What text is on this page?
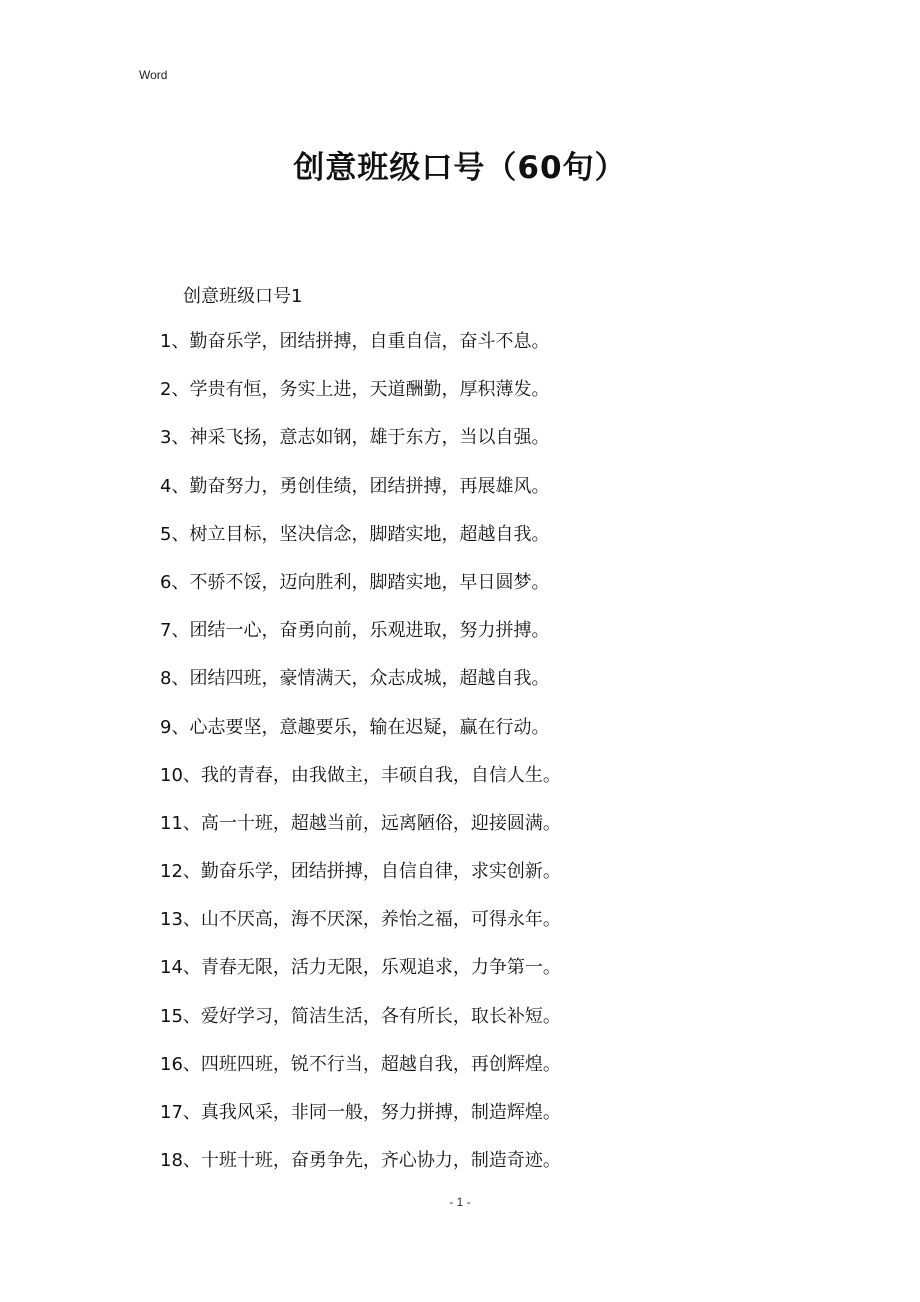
Word
创意班级口号（60句）
创意班级口号1
1、勤奋乐学，团结拼搏，自重自信，奋斗不息。
2、学贵有恒，务实上进，天道酬勤，厚积薄发。
3、神采飞扬，意志如钢，雄于东方，当以自强。
4、勤奋努力，勇创佳绩，团结拼搏，再展雄风。
5、树立目标，坚决信念，脚踏实地，超越自我。
6、不骄不馁，迈向胜利，脚踏实地，早日圆梦。
7、团结一心，奋勇向前，乐观进取，努力拼搏。
8、团结四班，豪情满天，众志成城，超越自我。
9、心志要坚，意趣要乐，输在迟疑，赢在行动。
10、我的青春，由我做主，丰硕自我，自信人生。
11、高一十班，超越当前，远离陋俗，迎接圆满。
12、勤奋乐学，团结拼搏，自信自律，求实创新。
13、山不厌高，海不厌深，养怡之福，可得永年。
14、青春无限，活力无限，乐观追求，力争第一。
15、爱好学习，简洁生活，各有所长，取长补短。
16、四班四班，锐不行当，超越自我，再创辉煌。
17、真我风采，非同一般，努力拼搏，制造辉煌。
18、十班十班，奋勇争先，齐心协力，制造奇迹。
- 1 -
